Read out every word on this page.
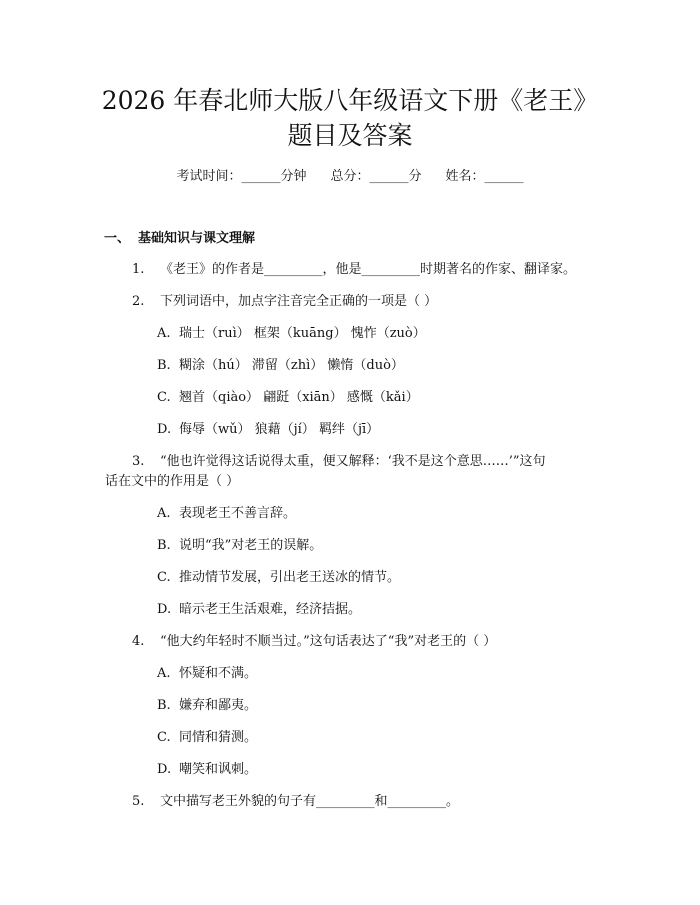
2026 年春北师大版八年级语文下册《老王》
题目及答案
考试时间：______分钟 总分：______分 姓名：______
一、 基础知识与课文理解
1. 《老王》的作者是_________，他是_________时期著名的作家、翻译家。
2. 下列词语中，加点字注音完全正确的一项是（ ）
A. 瑞士（ruì） 框架（kuāng） 愧怍（zuò）
B. 糊涂（hú） 滞留（zhì） 懒惰（duò）
C. 翘首（qiào） 翩跹（xiān） 感慨（kǎi）
D. 侮辱（wǔ） 狼藉（jí） 羁绊（jī）
3. “他也许觉得这话说得太重，便又解释：‘我不是这个意思……’”这句
话在文中的作用是（ ）
A. 表现老王不善言辞。
B. 说明“我”对老王的误解。
C. 推动情节发展，引出老王送冰的情节。
D. 暗示老王生活艰难，经济拮据。
4. “他大约年轻时不顺当过。”这句话表达了“我”对老王的（ ）
A. 怀疑和不满。
B. 嫌弃和鄙夷。
C. 同情和猜测。
D. 嘲笑和讽刺。
5. 文中描写老王外貌的句子有_________和_________。
